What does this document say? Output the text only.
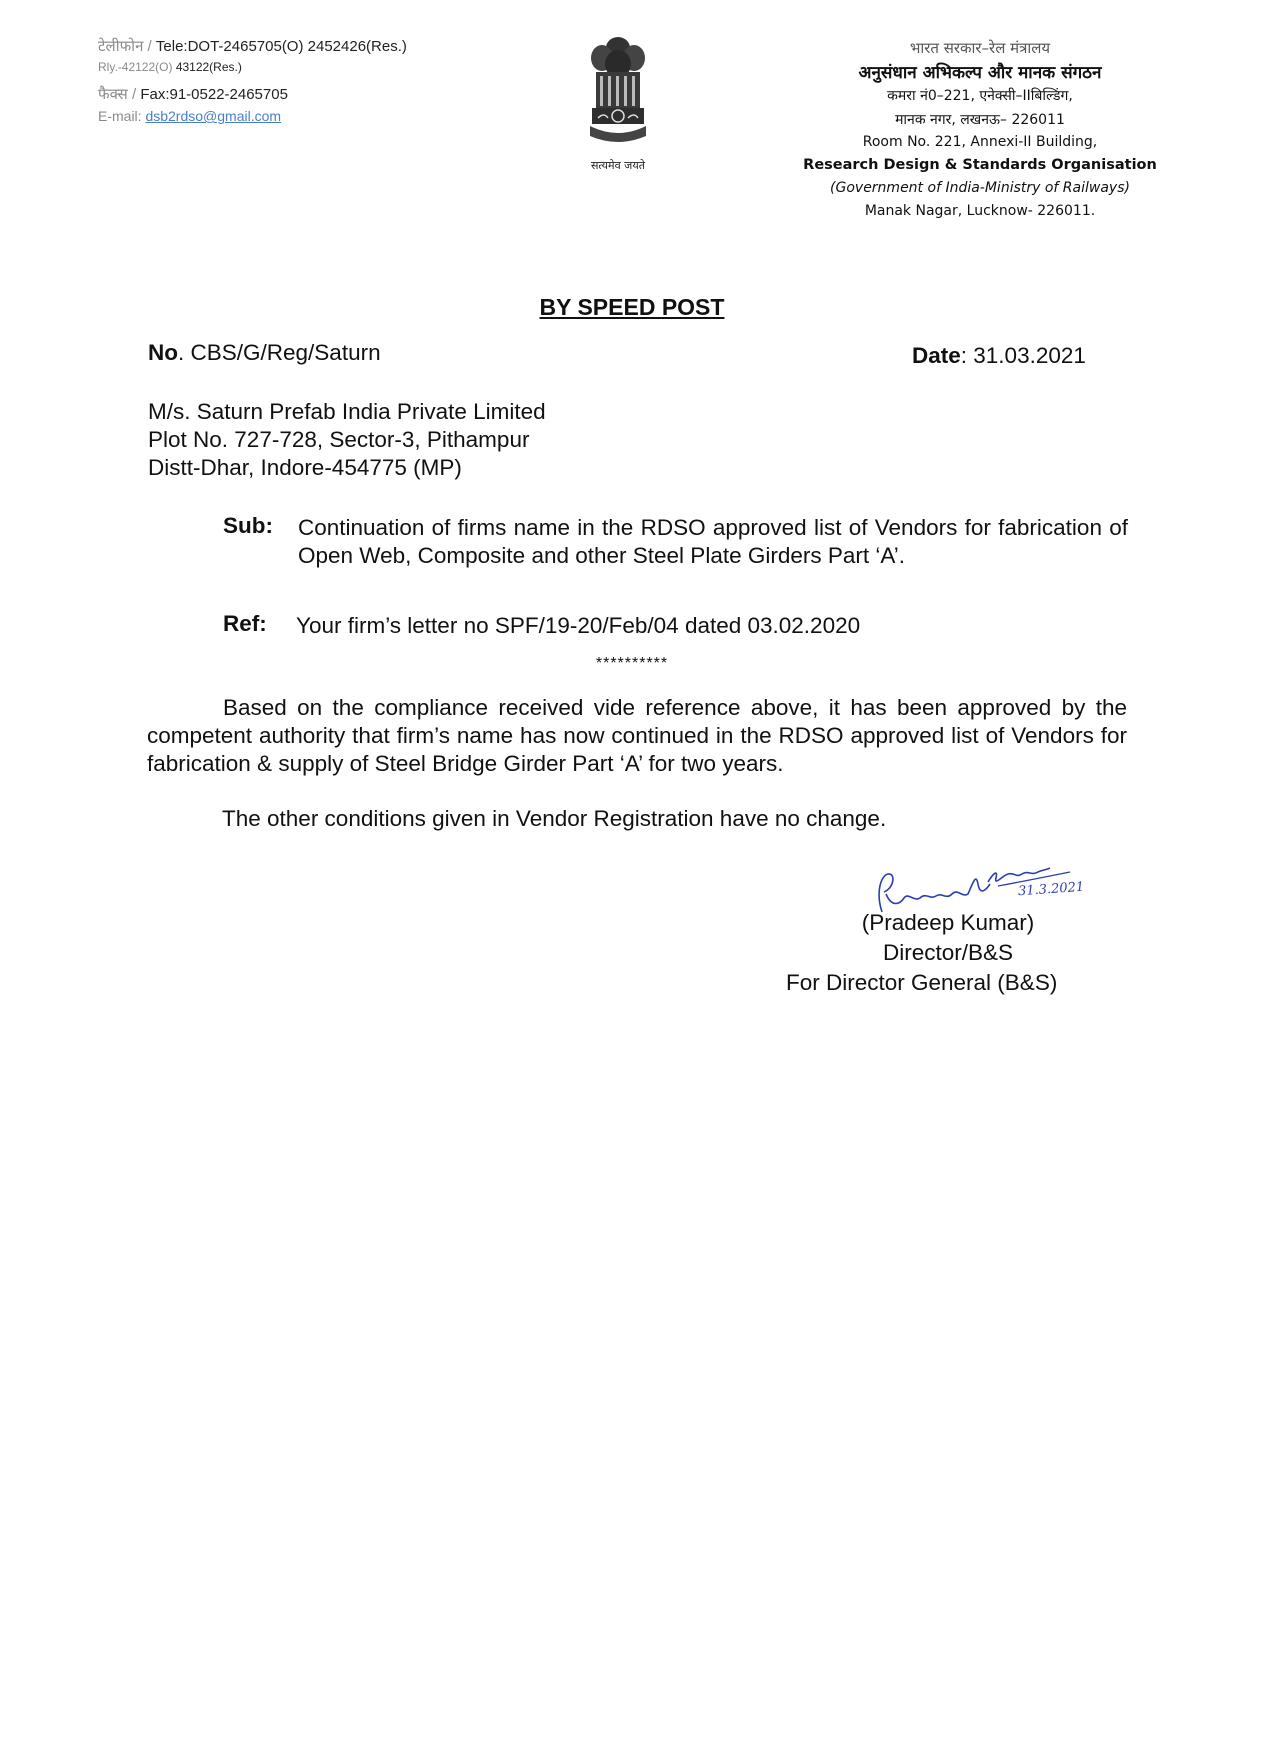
टेलीफोन / Tele:DOT-2465705(O) 2452426(Res.)
Rly.-42122(O) 43122(Res.)
फैक्स / Fax:91-0522-2465705
E-mail: dsb2rdso@gmail.com
सत्यमेव जयते
भारत सरकार–रेल मंत्रालय
अनुसंधान अभिकल्प और मानक संगठन
कमरा नं0–221, एनेक्सी–IIबिल्डिंग,
मानक नगर, लखनऊ– 226011
Room No. 221, Annexi-II Building,
Research Design & Standards Organisation
(Government of India-Ministry of Railways)
Manak Nagar, Lucknow- 226011.
BY SPEED POST
No. CBS/G/Reg/Saturn	Date: 31.03.2021
M/s. Saturn Prefab India Private Limited
Plot No. 727-728, Sector-3, Pithampur
Distt-Dhar, Indore-454775 (MP)
Sub: Continuation of firms name in the RDSO approved list of Vendors for fabrication of Open Web, Composite and other Steel Plate Girders Part ‘A’.
Ref: Your firm’s letter no SPF/19-20/Feb/04 dated 03.02.2020
**********
Based on the compliance received vide reference above, it has been approved by the competent authority that firm’s name has now continued in the RDSO approved list of Vendors for fabrication & supply of Steel Bridge Girder Part ‘A’ for two years.
The other conditions given in Vendor Registration have no change.
31.3.2021
(Pradeep Kumar)
Director/B&S
For Director General (B&S)
